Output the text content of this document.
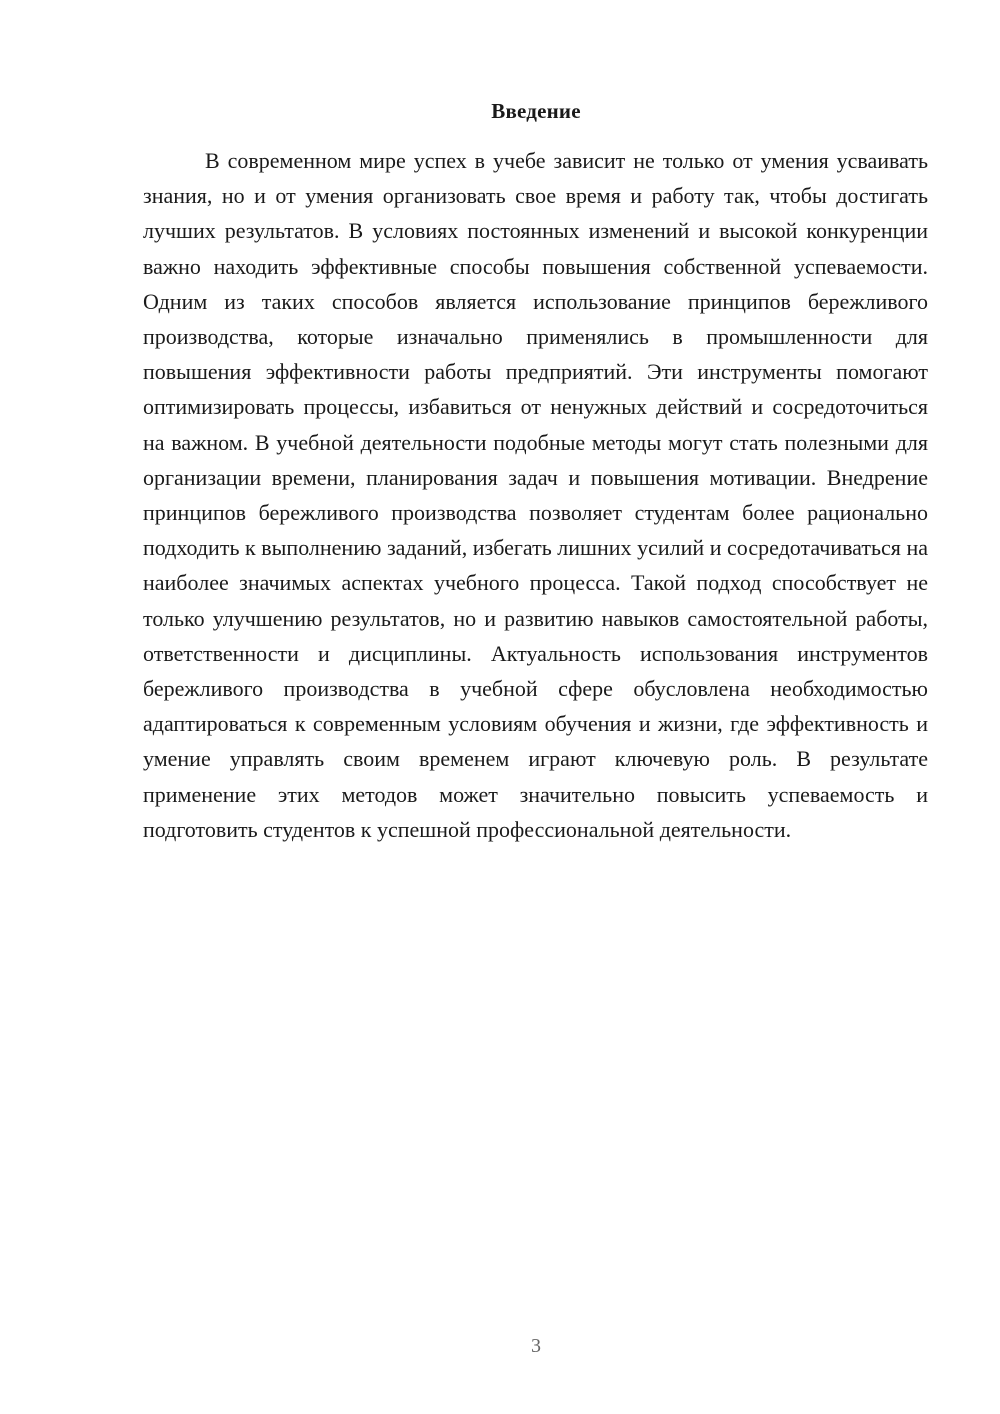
Введение

В современном мире успех в учебе зависит не только от умения усваивать знания, но и от умения организовать свое время и работу так, чтобы достигать лучших результатов. В условиях постоянных изменений и высокой конкуренции важно находить эффективные способы повышения собственной успеваемости. Одним из таких способов является использование принципов бережливого производства, которые изначально применялись в промышленности для повышения эффективности работы предприятий. Эти инструменты помогают оптимизировать процессы, избавиться от ненужных действий и сосредоточиться на важном. В учебной деятельности подобные методы могут стать полезными для организации времени, планирования задач и повышения мотивации. Внедрение принципов бережливого производства позволяет студентам более рационально подходить к выполнению заданий, избегать лишних усилий и сосредотачиваться на наиболее значимых аспектах учебного процесса. Такой подход способствует не только улучшению результатов, но и развитию навыков самостоятельной работы, ответственности и дисциплины. Актуальность использования инструментов бережливого производства в учебной сфере обусловлена необходимостью адаптироваться к современным условиям обучения и жизни, где эффективность и умение управлять своим временем играют ключевую роль. В результате применение этих методов может значительно повысить успеваемость и подготовить студентов к успешной профессиональной деятельности.

3
